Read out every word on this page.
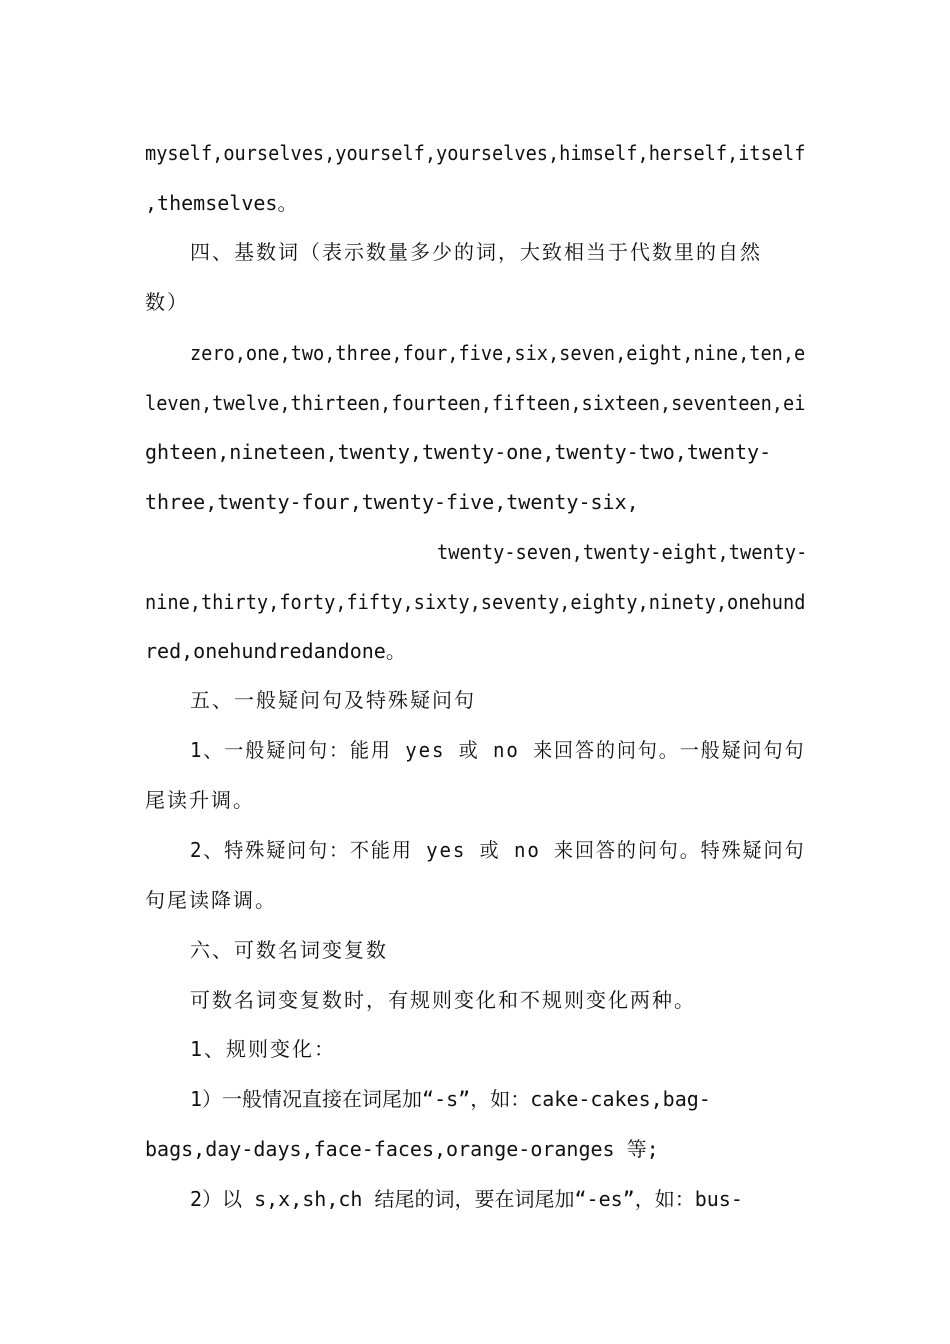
myself,ourselves,yourself,yourselves,himself,herself,itself
,themselves。
四、基数词（表示数量多少的词，大致相当于代数里的自然
数）
zero,one,two,three,four,five,six,seven,eight,nine,ten,e
leven,twelve,thirteen,fourteen,fifteen,sixteen,seventeen,ei
ghteen,nineteen,twenty,twenty-one,twenty-two,twenty-
three,twenty-four,twenty-five,twenty-six,
twenty-seven,twenty-eight,twenty-
nine,thirty,forty,fifty,sixty,seventy,eighty,ninety,onehund
red,onehundredandone。
五、一般疑问句及特殊疑问句
1、一般疑问句：能用 yes 或 no 来回答的问句。一般疑问句句
尾读升调。
2、特殊疑问句：不能用 yes 或 no 来回答的问句。特殊疑问句
句尾读降调。
六、可数名词变复数
可数名词变复数时，有规则变化和不规则变化两种。
1、规则变化：
1）一般情况直接在词尾加“-s”，如：cake-cakes,bag-
bags,day-days,face-faces,orange-oranges 等;
2）以 s,x,sh,ch 结尾的词，要在词尾加“-es”，如：bus-
